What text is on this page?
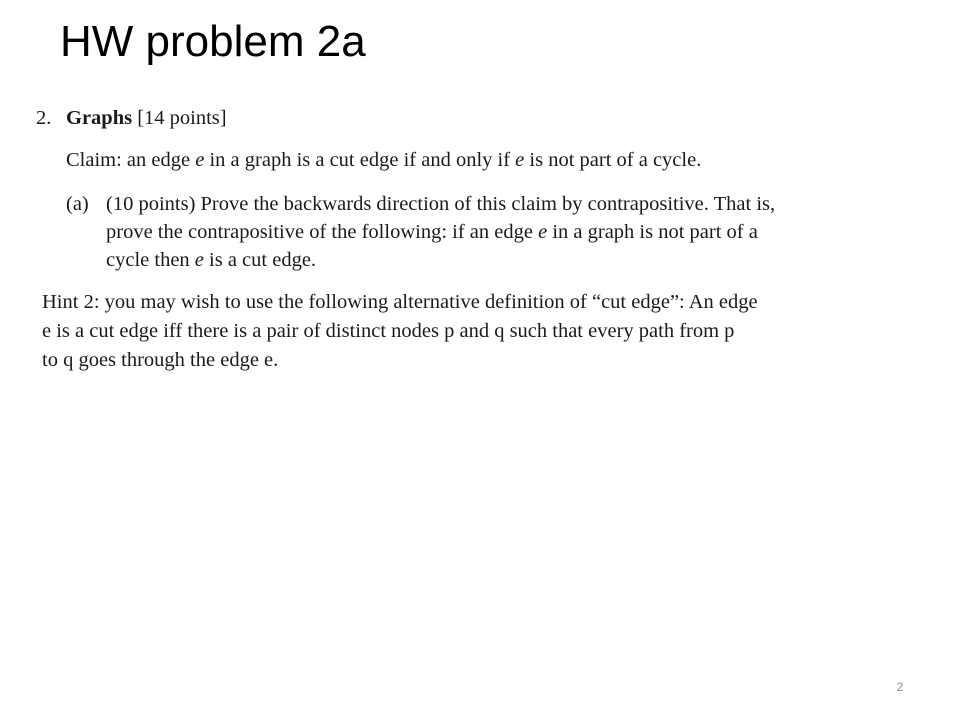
HW problem 2a
2. Graphs [14 points]
Claim: an edge e in a graph is a cut edge if and only if e is not part of a cycle.
(a) (10 points) Prove the backwards direction of this claim by contrapositive. That is,
prove the contrapositive of the following: if an edge e in a graph is not part of a
cycle then e is a cut edge.
Hint 2: you may wish to use the following alternative definition of “cut edge”: An edge
e is a cut edge iff there is a pair of distinct nodes p and q such that every path from p
to q goes through the edge e.
2
